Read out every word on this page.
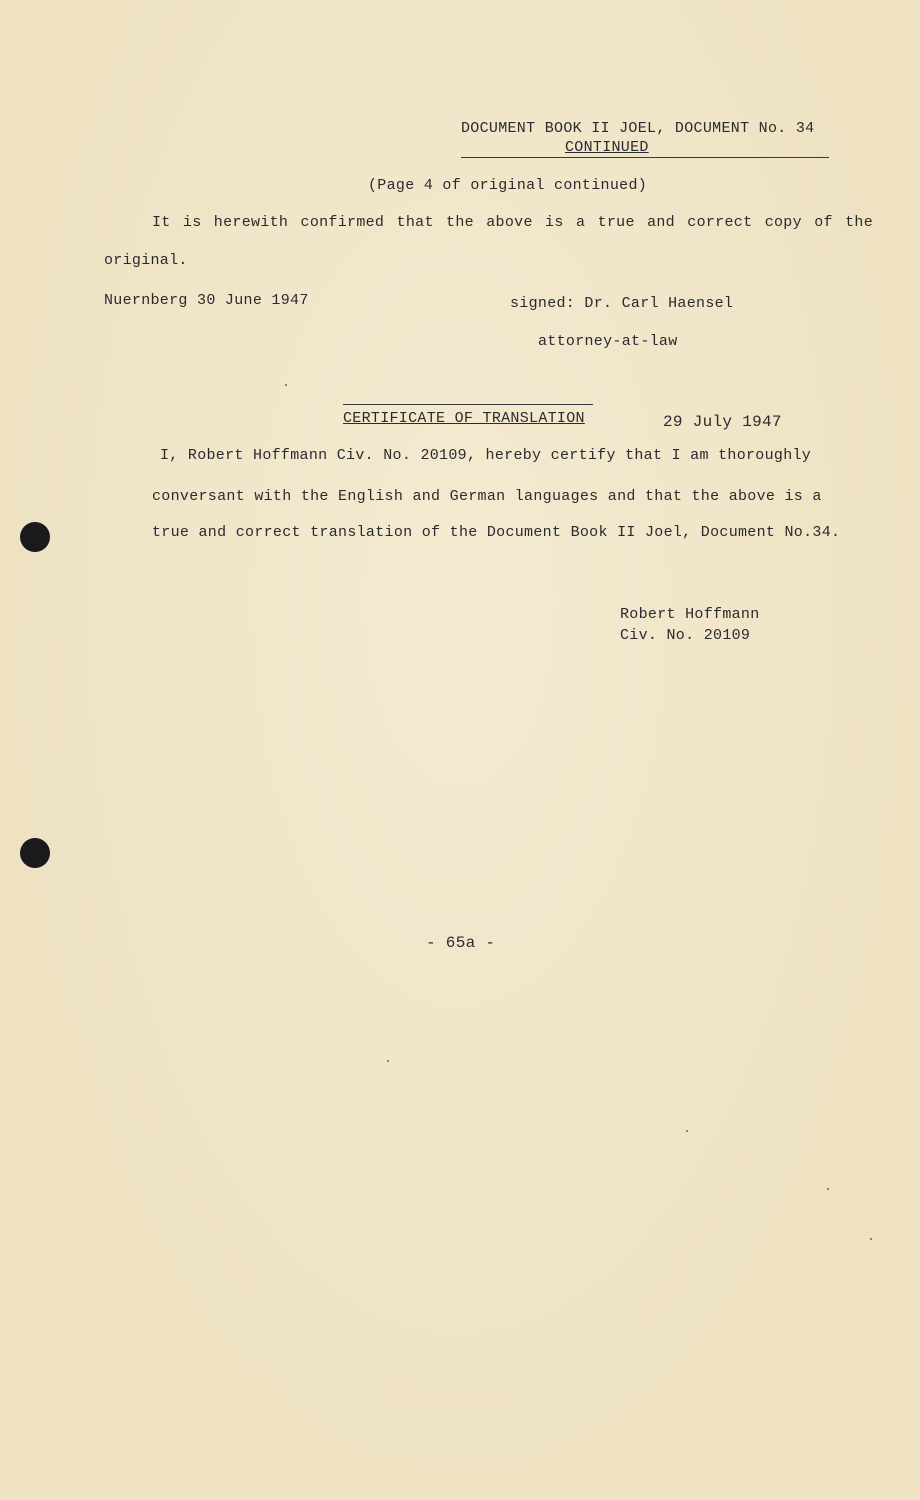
DOCUMENT BOOK II JOEL, DOCUMENT No. 34
CONTINUED
(Page 4 of original continued)
It is herewith confirmed that the above is a true and correct copy of the
original.
Nuernberg 30 June 1947	signed: Dr. Carl Haensel
attorney-at-law
CERTIFICATE OF TRANSLATION	29 July 1947
I, Robert Hoffmann Civ. No. 20109, hereby certify that I am thoroughly
conversant with the English and German languages and that the above is a
true and correct translation of the Document Book II Joel, Document No.34.
Robert Hoffmann
Civ. No. 20109
- 65a -
